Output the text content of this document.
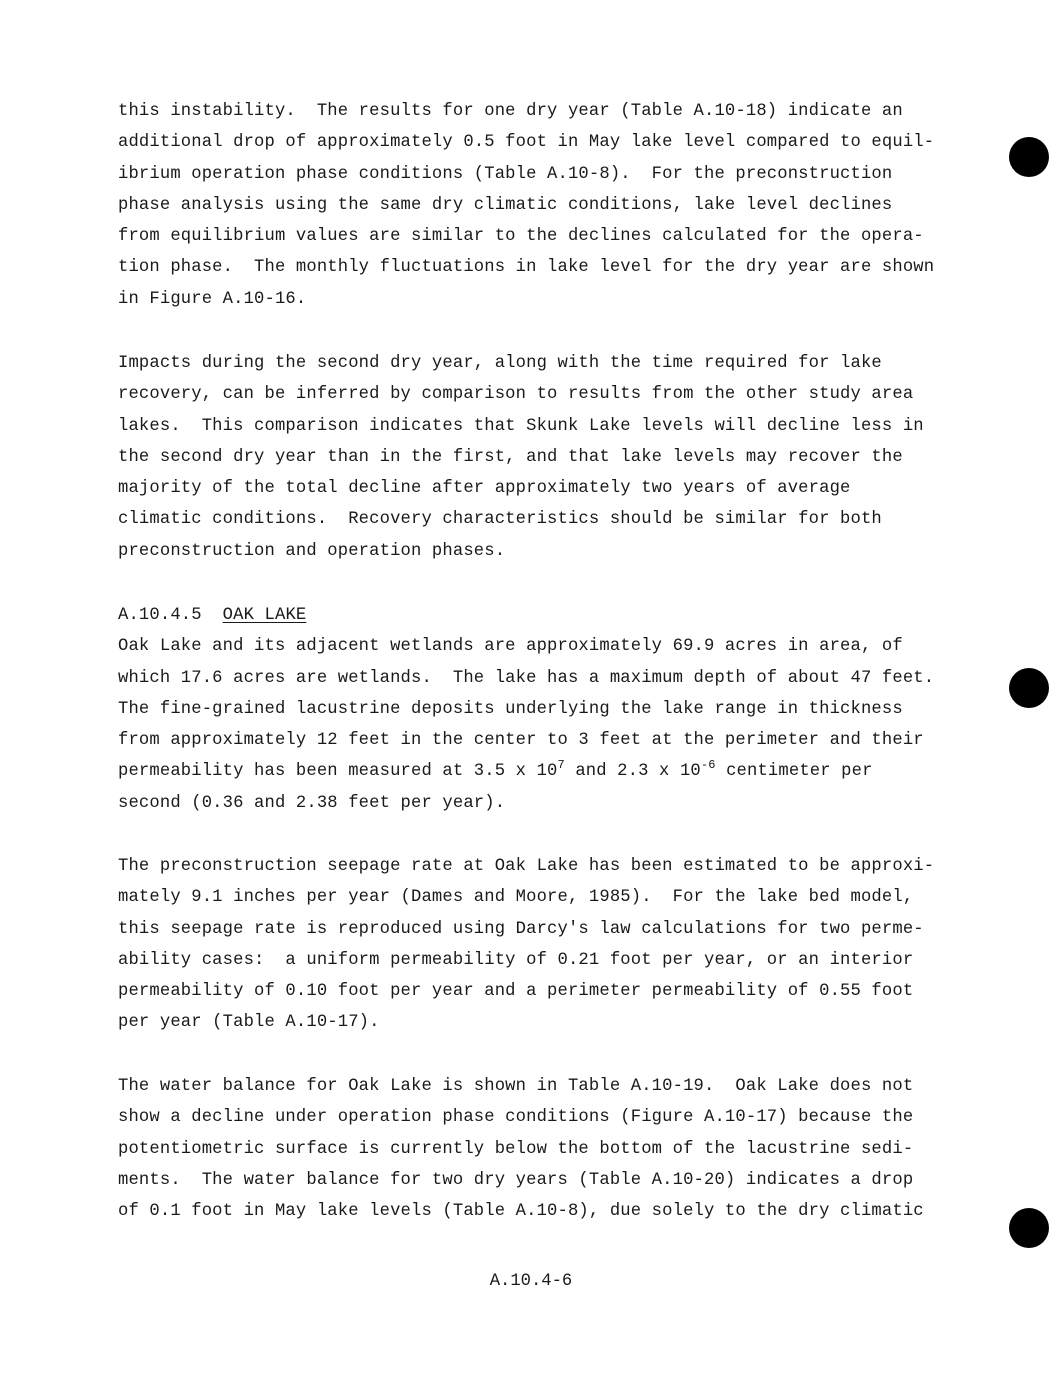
this instability.  The results for one dry year (Table A.10-18) indicate an
additional drop of approximately 0.5 foot in May lake level compared to equil-
ibrium operation phase conditions (Table A.10-8).  For the preconstruction
phase analysis using the same dry climatic conditions, lake level declines
from equilibrium values are similar to the declines calculated for the opera-
tion phase.  The monthly fluctuations in lake level for the dry year are shown
in Figure A.10-16.
Impacts during the second dry year, along with the time required for lake
recovery, can be inferred by comparison to results from the other study area
lakes.  This comparison indicates that Skunk Lake levels will decline less in
the second dry year than in the first, and that lake levels may recover the
majority of the total decline after approximately two years of average
climatic conditions.  Recovery characteristics should be similar for both
preconstruction and operation phases.
A.10.4.5 OAK LAKE
Oak Lake and its adjacent wetlands are approximately 69.9 acres in area, of
which 17.6 acres are wetlands.  The lake has a maximum depth of about 47 feet.
The fine-grained lacustrine deposits underlying the lake range in thickness
from approximately 12 feet in the center to 3 feet at the perimeter and their
permeability has been measured at 3.5 x $10^7$ and 2.3 x $10^{-6}$ centimeter per
second (0.36 and 2.38 feet per year).
The preconstruction seepage rate at Oak Lake has been estimated to be approxi-
mately 9.1 inches per year (Dames and Moore, 1985).  For the lake bed model,
this seepage rate is reproduced using Darcy's law calculations for two perme-
ability cases:  a uniform permeability of 0.21 foot per year, or an interior
permeability of 0.10 foot per year and a perimeter permeability of 0.55 foot
per year (Table A.10-17).
The water balance for Oak Lake is shown in Table A.10-19.  Oak Lake does not
show a decline under operation phase conditions (Figure A.10-17) because the
potentiometric surface is currently below the bottom of the lacustrine sedi-
ments.  The water balance for two dry years (Table A.10-20) indicates a drop
of 0.1 foot in May lake levels (Table A.10-8), due solely to the dry climatic
A.10.4-6
